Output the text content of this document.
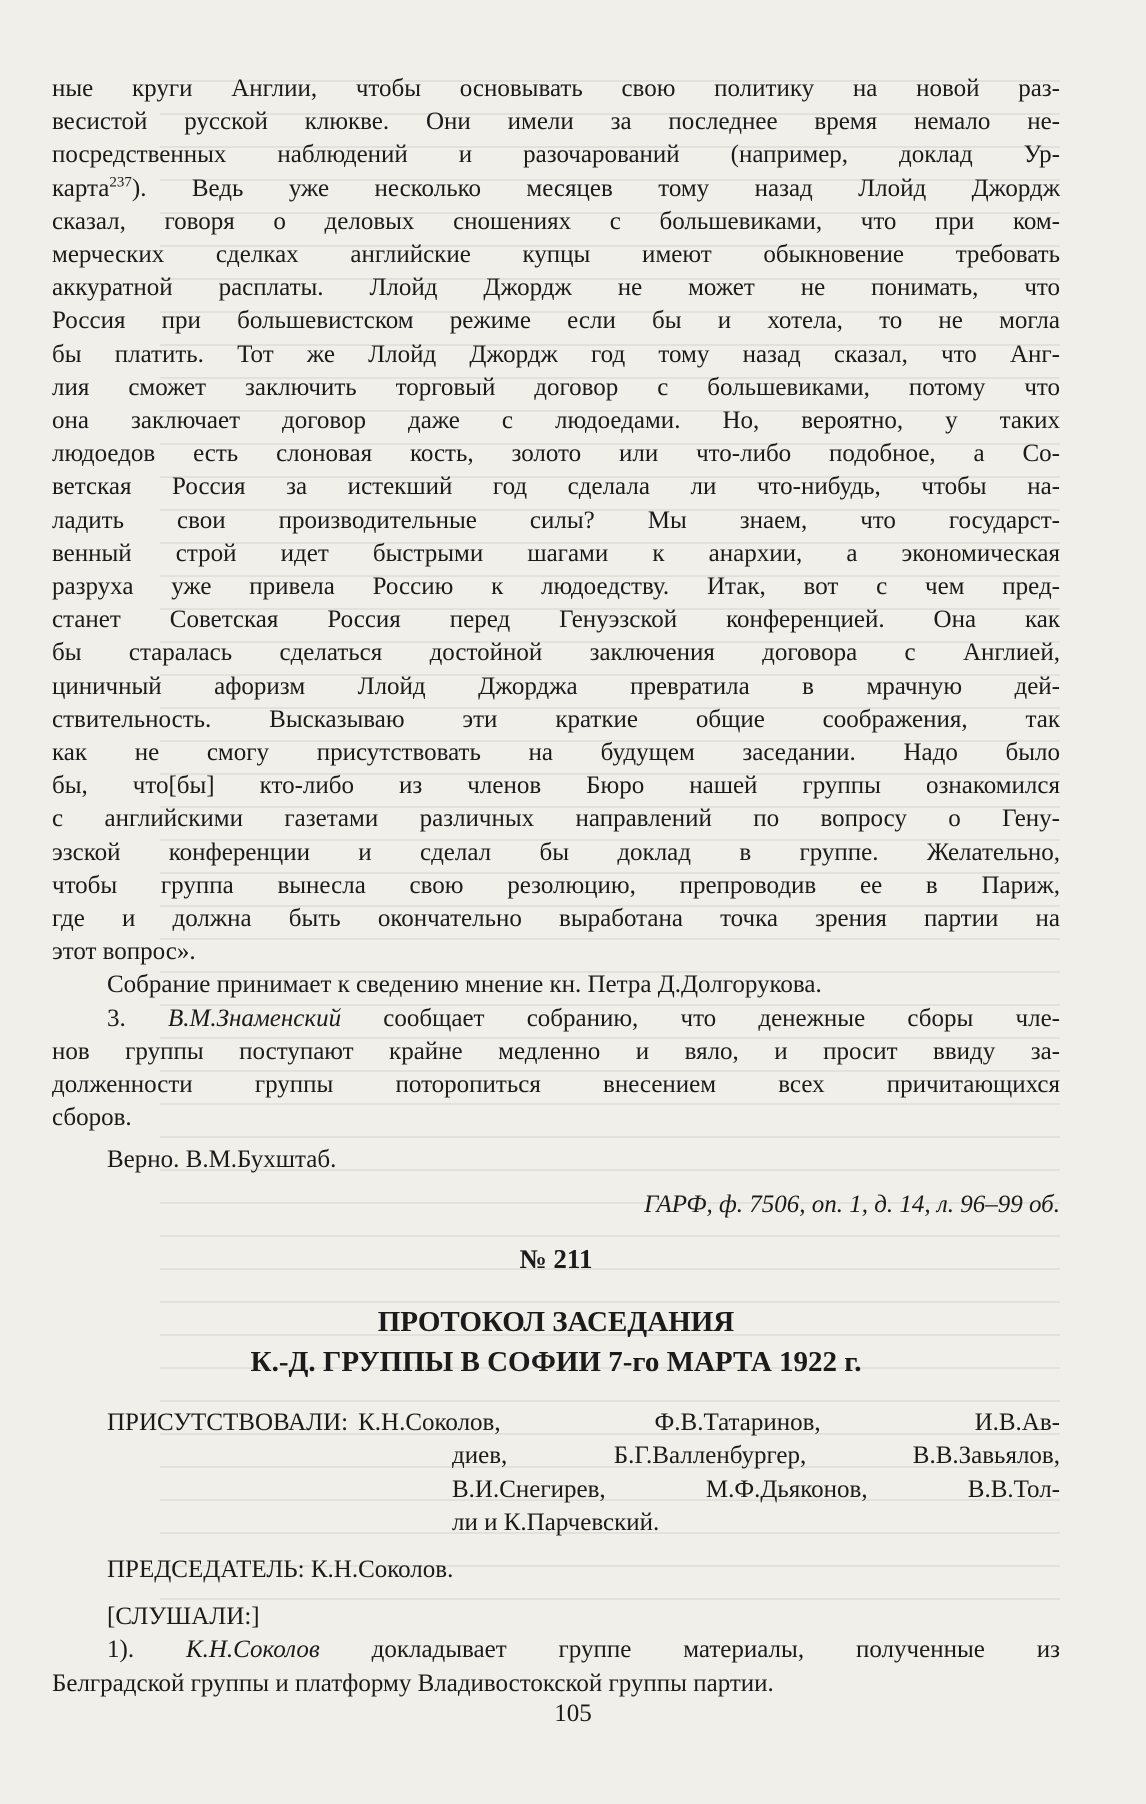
ные круги Англии, чтобы основывать свою политику на новой раз-

весистой русской клюкве. Они имели за последнее время немало не-

посредственных наблюдений и разочарований (например, доклад Ур-

карта$^{237}$). Ведь уже несколько месяцев тому назад Ллойд Джордж

сказал, говоря о деловых сношениях с большевиками, что при ком-

мерческих сделках английские купцы имеют обыкновение требовать

аккуратной расплаты. Ллойд Джордж не может не понимать, что

Россия при большевистском режиме если бы и хотела, то не могла

бы платить. Тот же Ллойд Джордж год тому назад сказал, что Анг-

лия сможет заключить торговый договор с большевиками, потому что

она заключает договор даже с людоедами. Но, вероятно, у таких

людоедов есть слоновая кость, золото или что-либо подобное, а Со-

ветская Россия за истекший год сделала ли что-нибудь, чтобы на-

ладить свои производительные силы? Мы знаем, что государст-

венный строй идет быстрыми шагами к анархии, а экономическая

разруха уже привела Россию к людоедству. Итак, вот с чем пред-

станет Советская Россия перед Генуэзской конференцией. Она как

бы старалась сделаться достойной заключения договора с Англией,

циничный афоризм Ллойд Джорджа превратила в мрачную дей-

ствительность. Высказываю эти краткие общие соображения, так

как не смогу присутствовать на будущем заседании. Надо было

бы, что[бы] кто-либо из членов Бюро нашей группы ознакомился

с английскими газетами различных направлений по вопросу о Гену-

эзской конференции и сделал бы доклад в группе. Желательно,

чтобы группа вынесла свою резолюцию, препроводив ее в Париж,

где и должна быть окончательно выработана точка зрения партии на

этот вопрос».

Собрание принимает к сведению мнение кн. Петра Д.Долгорукова.

3. В.М.Знаменский сообщает собранию, что денежные сборы чле-

нов группы поступают крайне медленно и вяло, и просит ввиду за-

долженности группы поторопиться внесением всех причитающихся

сборов.

Верно. В.М.Бухштаб.

ГАРФ, ф. 7506, оп. 1, д. 14, л. 96–99 об.

№ 211

ПРОТОКОЛ ЗАСЕДАНИЯ

К.-Д. ГРУППЫ В СОФИИ 7-го МАРТА 1922 г.

ПРИСУТСТВОВАЛИ: К.Н.Соколов, Ф.В.Татаринов, И.В.Ав-

диев, Б.Г.Валленбургер, В.В.Завьялов,

В.И.Снегирев, М.Ф.Дьяконов, В.В.Тол-

ли и К.Парчевский.

ПРЕДСЕДАТЕЛЬ: К.Н.Соколов.

[СЛУШАЛИ:]

1). К.Н.Соколов докладывает группе материалы, полученные из

Белградской группы и платформу Владивостокской группы партии.

105
